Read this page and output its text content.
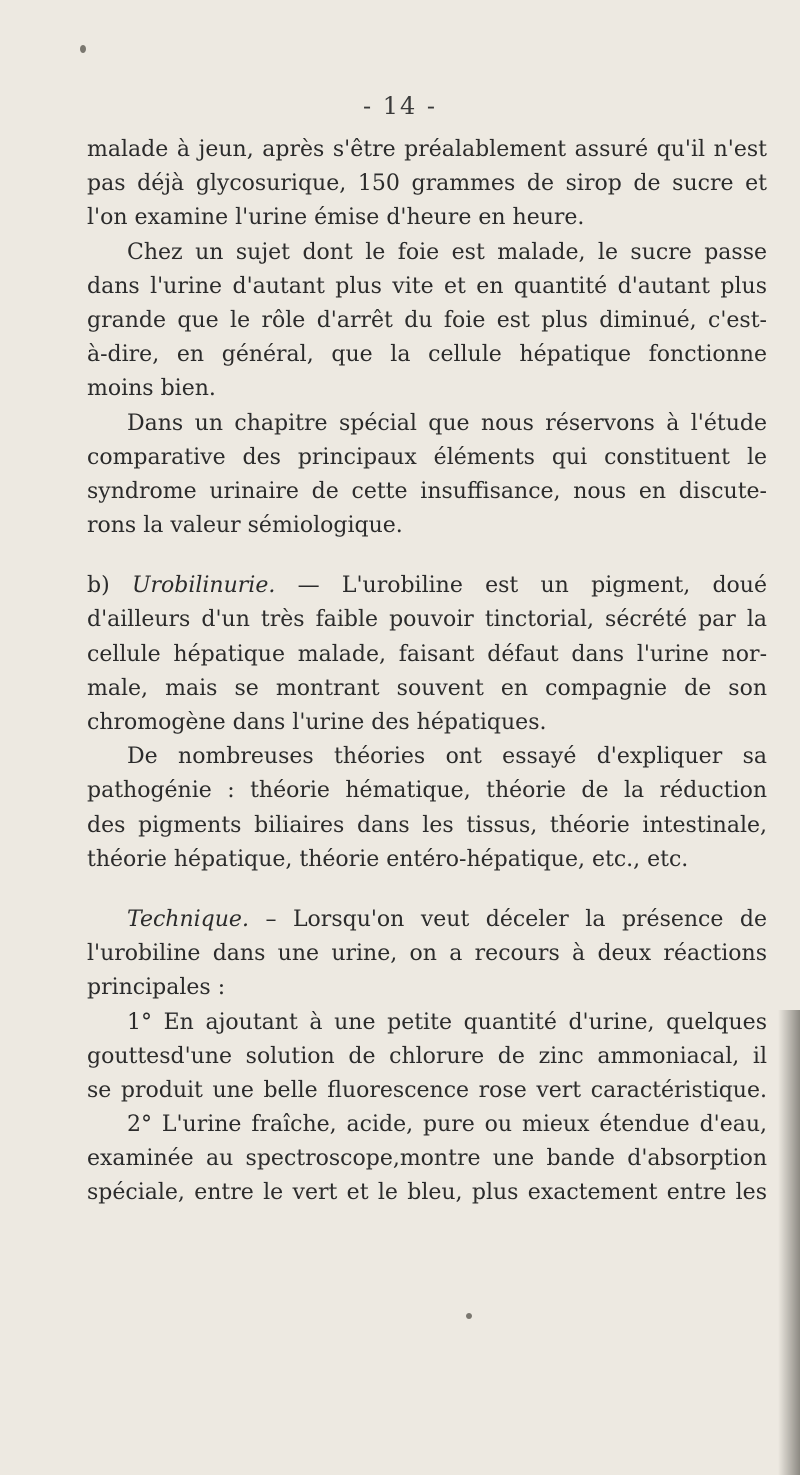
- 14 -
malade à jeun, après s'être préalablement assuré qu'il n'est
pas déjà glycosurique, 150 grammes de sirop de sucre et
l'on examine l'urine émise d'heure en heure.
Chez un sujet dont le foie est malade, le sucre passe
dans l'urine d'autant plus vite et en quantité d'autant plus
grande que le rôle d'arrêt du foie est plus diminué, c'est-
à-dire, en général, que la cellule hépatique fonctionne
moins bien.
Dans un chapitre spécial que nous réservons à l'étude
comparative des principaux éléments qui constituent le
syndrome urinaire de cette insuffisance, nous en discute-
rons la valeur sémiologique.
b) Urobilinurie. — L'urobiline est un pigment, doué
d'ailleurs d'un très faible pouvoir tinctorial, sécrété par la
cellule hépatique malade, faisant défaut dans l'urine nor-
male, mais se montrant souvent en compagnie de son
chromogène dans l'urine des hépatiques.
De nombreuses théories ont essayé d'expliquer sa
pathogénie : théorie hématique, théorie de la réduction
des pigments biliaires dans les tissus, théorie intestinale,
théorie hépatique, théorie entéro-hépatique, etc., etc.
Technique. – Lorsqu'on veut déceler la présence de
l'urobiline dans une urine, on a recours à deux réactions
principales :
1° En ajoutant à une petite quantité d'urine, quelques
gouttesd'une solution de chlorure de zinc ammoniacal, il
se produit une belle fluorescence rose vert caractéristique.
2° L'urine fraîche, acide, pure ou mieux étendue d'eau,
examinée au spectroscope,montre une bande d'absorption
spéciale, entre le vert et le bleu, plus exactement entre les
